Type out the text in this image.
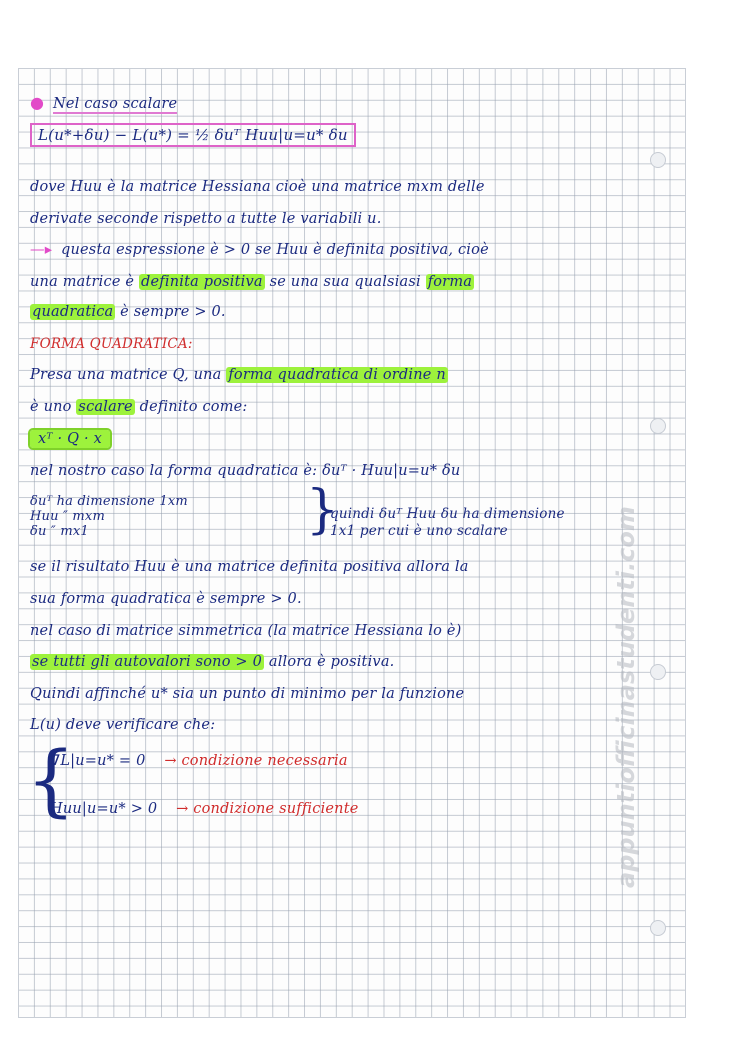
● Nel caso scalare
L(u*+δu) − L(u*) = ½ δuᵀ Huu|u=u* δu
dove Huu è la matrice Hessiana cioè una matrice mxm delle
derivate seconde rispetto a tutte le variabili u.
—▸ questa espressione è > 0 se Huu è definita positiva, cioè
una matrice è definita positiva se una sua qualsiasi forma
quadratica è sempre > 0.
FORMA QUADRATICA:
Presa una matrice Q, una forma quadratica di ordine n
è uno scalare definito come:
xᵀ · Q · x
nel nostro caso la forma quadratica è: δuᵀ · Huu|u=u* δu
δuᵀ ha dimensione 1xm
Huu ″ mxm
δu ″ mx1	}
quindi δuᵀ Huu δu ha dimensione
1x1 per cui è uno scalare
se il risultato Huu è una matrice definita positiva allora la
sua forma quadratica è sempre > 0.
nel caso di matrice simmetrica (la matrice Hessiana lo è)
se tutti gli autovalori sono > 0 allora è positiva.
Quindi affinché u* sia un punto di minimo per la funzione
L(u) deve verificare che:
{
∇L|u=u* = 0 → condizione necessaria
Huu|u=u* > 0 → condizione sufficiente	appuntiofficinastudenti.com
